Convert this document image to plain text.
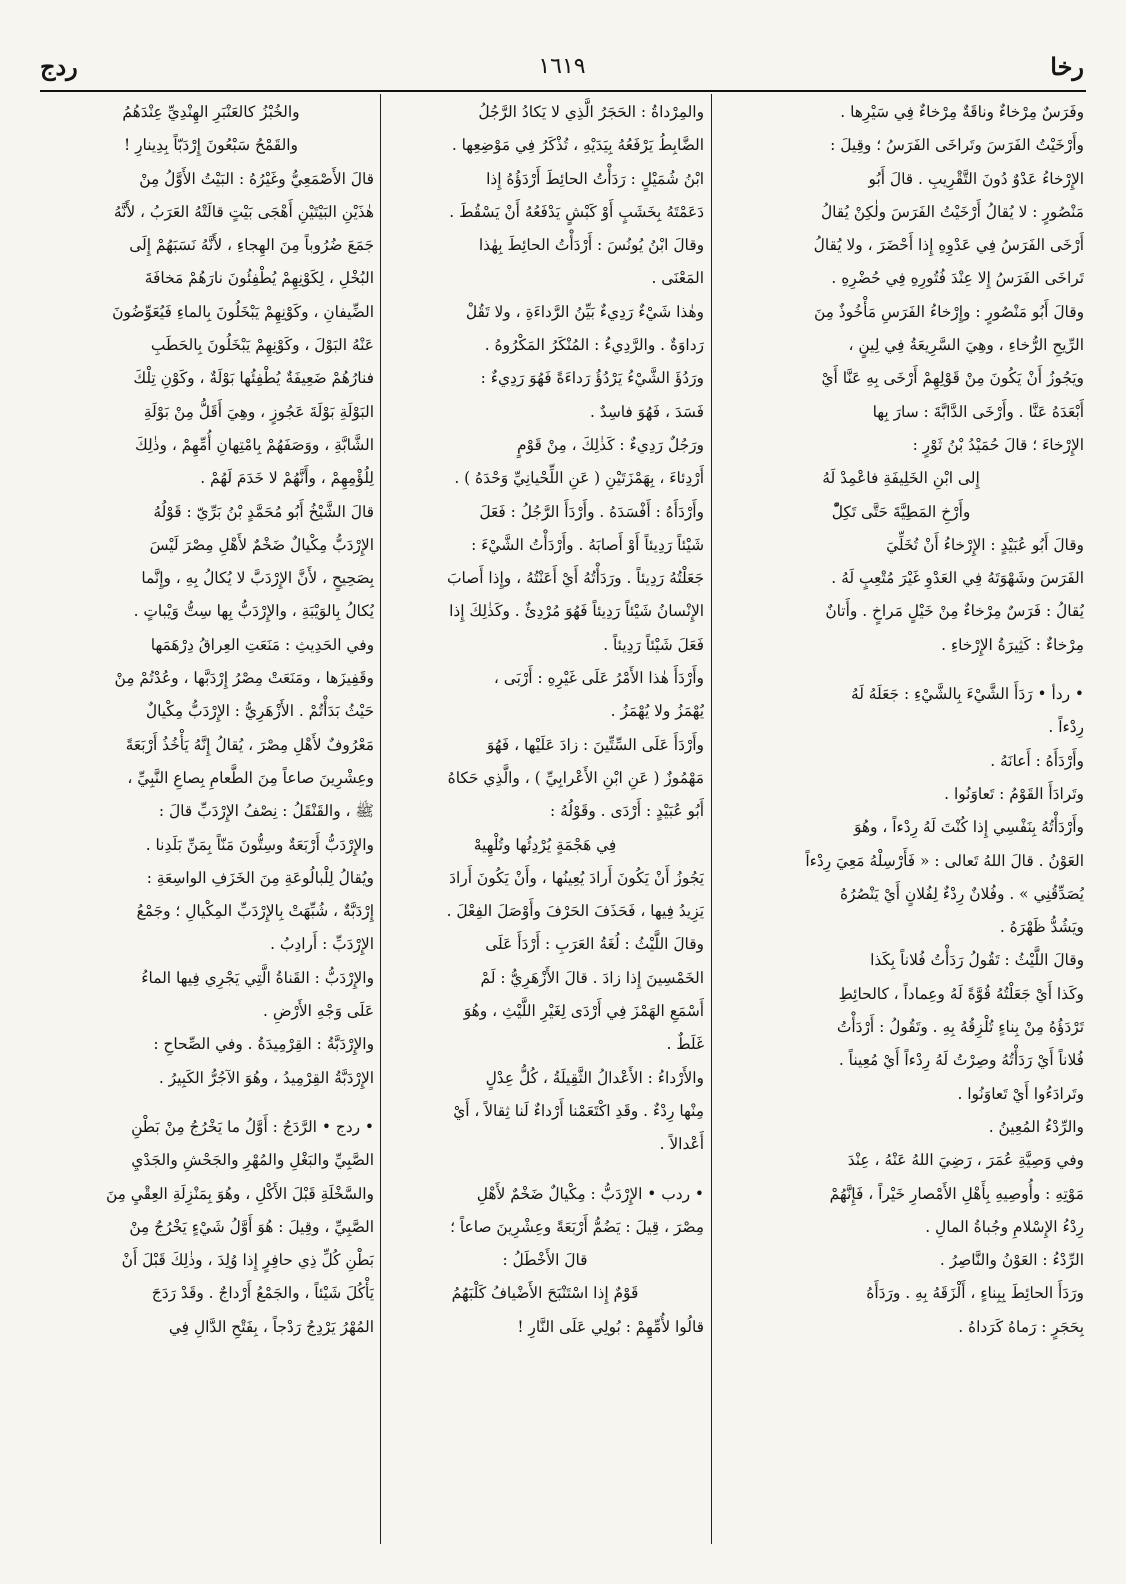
رخا
١٦١٩
ردج
وفَرَسٌ مِرْخاءٌ وناقَةٌ مِرْخاءٌ فِي سَيْرِها .
وأَرْخَيْتُ الفَرَسَ وتَراخَى الفَرَسُ ؛ وقِيلَ :
الإِرْخاءُ عَدْوٌ دُونَ التَّقْرِيبِ . قالَ أَبُو
مَنْصُورٍ : لا يُقالُ أَرْخَيْتُ الفَرَسَ ولٰكِنْ يُقالُ
أَرْخَى الفَرَسُ فِي عَدْوِهِ إِذا أَحْضَرَ ، ولا يُقالُ
تَراخَى الفَرَسُ إِلا عِنْدَ فُتُورِهِ فِي حُضْرِهِ .
وقالَ أَبُو مَنْصُورٍ : وإِرْخاءُ الفَرَسِ مَأْخُوذٌ مِنَ
الرِّيحِ الرُّخاءِ ، وهِيَ السَّرِيعَةُ فِي لِينٍ ،
ويَجُوزُ أَنْ يَكُونَ مِنْ قَوْلِهِمْ أَرْخَى بِهِ عَنَّا أَيْ
أَبْعَدَهُ عَنَّا . وأَرْخَى الدَّابَّةَ : سارَ بِها
الإِرْخاءَ ؛ قالَ حُمَيْدُ بْنُ ثَوْرٍ :
إِلى ابْنِ الخَلِيفَةِ فاعْمِدْ لَهُ
وأَرْخِ المَطِيَّةَ حَتَّى تَكِلّْ
وقالَ أَبُو عُبَيْدٍ : الإِرْخاءُ أَنْ تُخَلِّيَ
الفَرَسَ وشَهْوَتَهُ فِي العَدْوِ غَيْرَ مُتْعِبٍ لَهُ .
يُقالُ : فَرَسٌ مِرْخاءٌ مِنْ خَيْلٍ مَراخٍ . وأَتانٌ
مِرْخاءٌ : كَثِيرَةُ الإِرْخاءِ .
• ردأ • رَدَأَ الشَّيْءَ بِالشَّيْءِ : جَعَلَهُ لَهُ
رِدْءاً .
وأَرْدَأَهُ : أَعانَهُ .
وتَرادَأَ القَوْمُ : تَعاوَنُوا .
وأَرْدَأْتُهُ بِنَفْسِي إِذا كُنْتَ لَهُ رِدْءاً ، وهُوَ
العَوْنُ . قالَ اللهُ تَعالى : « فَأَرْسِلْهُ مَعِيَ رِدْءاً
يُصَدِّقُنِي » . وفُلانٌ رِدْءٌ لِفُلانٍ أَيْ يَنْصُرُهُ
ويَشُدُّ ظَهْرَهُ .
وقالَ اللَّيْثُ : تَقُولُ رَدَأْتُ فُلاناً بِكَذا
وكَذا أَيْ جَعَلْتُهُ قُوَّةً لَهُ وعِماداً ، كالحائِطِ
تَرْدَؤُهُ مِنْ بِناءٍ تُلْزِقُهُ بِهِ . وتَقُولُ : أَرْدَأْتُ
فُلاناً أَيْ رَدَأْتُهُ وصِرْتُ لَهُ رِدْءاً أَيْ مُعِيناً .
وتَرادَءُوا أَيْ تَعاوَنُوا .
والرِّدْءُ المُعِينُ .
وفي وَصِيَّةِ عُمَرَ ، رَضِيَ اللهُ عَنْهُ ، عِنْدَ
مَوْتِهِ : وأُوصِيهِ بِأَهْلِ الأَمْصارِ خَيْراً ، فَإِنَّهُمْ
رِدْءُ الإِسْلامِ وجُباةُ المالِ .
الرِّدْءُ : العَوْنُ والنَّاصِرُ .
ورَدَأَ الحائِطَ بِبِناءٍ ، أَلْزَقَهُ بِهِ . ورَدَأَهُ
بِحَجَرٍ : رَماهُ كَرَداهُ .
والمِرْداةُ : الحَجَرُ الَّذِي لا يَكادُ الرَّجُلُ
الضَّابِطُ يَرْفَعُهُ بِيَدَيْهِ ، تُذْكَرُ فِي مَوْضِعِها .
ابْنُ شُمَيْلٍ : رَدَأْتُ الحائِطَ أَرْدَؤُهُ إِذا
دَعَمْتَهُ بِخَشَبٍ أَوْ كَبْشٍ يَدْفَعُهُ أَنْ يَسْقُطَ .
وقالَ ابْنُ يُونُسَ : أَرْدَأْتُ الحائِطَ بِهٰذا
المَعْنَى .
وهٰذا شَيْءٌ رَدِيءٌ بَيِّنُ الرَّداءَةِ ، ولا تَقُلْ
رَداوَةٌ . والرَّدِيءُ : المُنْكَرُ المَكْرُوهُ .
ورَدُؤَ الشَّيْءُ يَرْدُؤُ رَداءَةً فَهُوَ رَدِيءٌ :
فَسَدَ ، فَهُوَ فاسِدٌ .
ورَجُلٌ رَدِيءٌ : كَذٰلِكَ ، مِنْ قَوْمٍ
أَرْدِئاءَ ، بِهَمْزَتَيْنِ ( عَنِ اللِّحْيانِيِّ وَحْدَهُ ) .
وأَرْدَأَهُ : أَفْسَدَهُ . وأَرْدَأَ الرَّجُلُ : فَعَلَ
شَيْئاً رَدِيئاً أَوْ أَصابَهُ . وأَرْدَأْتُ الشَّيْءَ :
جَعَلْتُهُ رَدِيئاً . ورَدَأْتُهُ أَيْ أَعَنْتُهُ ، وإِذا أَصابَ
الإِنْسانُ شَيْئاً رَدِيئاً فَهُوَ مُرْدِئٌ . وكَذٰلِكَ إِذا
فَعَلَ شَيْئاً رَدِيئاً .
وأَرْدَأَ هٰذا الأَمْرُ عَلَى غَيْرِهِ : أَرْبَى ،
يُهْمَزُ ولا يُهْمَزُ .
وأَرْدَأَ عَلَى السِّتِّينَ : زادَ عَلَيْها ، فَهُوَ
مَهْمُوزٌ ( عَنِ ابْنِ الأَعْرابِيِّ ) ، والَّذِي حَكاهُ
أَبُو عُبَيْدٍ : أَرْدَى . وقَوْلُهُ :
فِي هَجْمَةٍ يُرْدِئُها وتُلْهِيهْ
يَجُوزُ أَنْ يَكُونَ أَرادَ يُعِينُها ، وأَنْ يَكُونَ أَرادَ
يَزِيدُ فِيها ، فَحَذَفَ الحَرْفَ وأَوْصَلَ الفِعْلَ .
وقالَ اللَّيْثُ : لُغَةُ العَرَبِ : أَرْدَأَ عَلَى
الخَمْسِينَ إِذا زادَ . قالَ الأَزْهَرِيُّ : لَمْ
أَسْمَعِ الهَمْزَ فِي أَرْدَى لِغَيْرِ اللَّيْثِ ، وهُوَ
غَلَطٌ .
والأَرْداءُ : الأَعْدالُ الثَّقِيلَةُ ، كُلُّ عِدْلٍ
مِنْها رِدْءٌ . وقَدِ اكْتَعَمْنا أَرْداءٌ لَنا ثِقالاً ، أَيْ
أَعْدالاً .
• ردب • الإِرْدَبُّ : مِكْيالٌ ضَخْمٌ لأَهْلِ
مِصْرَ ، قِيلَ : يَضُمُّ أَرْبَعَةً وعِشْرِينَ صاعاً ؛
قالَ الأَخْطَلُ :
قَوْمٌ إِذا اسْتَنْبَحَ الأَضْيافُ كَلْبَهُمُ
قالُوا لأُمِّهِمْ : بُولِي عَلَى النَّارِ !
والخُبْزُ كالعَنْبَرِ الهِنْدِيِّ عِنْدَهُمُ
والقَمْحُ سَبْعُونَ إِرْدَبّاً بِدِينارِ !
قالَ الأَصْمَعِيُّ وغَيْرُهُ : البَيْتُ الأَوَّلُ مِنْ
هٰذَيْنِ البَيْتَيْنِ أَهْجَى بَيْتٍ قالَتْهُ العَرَبُ ، لأَنَّهُ
جَمَعَ ضُرُوباً مِنَ الهِجاءِ ، لأَنَّهُ نَسَبَهُمْ إِلَى
البُخْلِ ، لِكَوْنِهِمْ يُطْفِئُونَ نارَهُمْ مَخافَةَ
الضِّيفانِ ، وكَوْنِهِمْ يَبْخَلُونَ بِالماءِ فَيُعَوِّضُونَ
عَنْهُ البَوْلَ ، وكَوْنِهِمْ يَبْخَلُونَ بِالحَطَبِ
فنارُهُمْ ضَعِيفَةٌ يُطْفِئُها بَوْلَةٌ ، وكَوْنِ تِلْكَ
البَوْلَةِ بَوْلَةَ عَجُوزٍ ، وهِيَ أَقَلُّ مِنْ بَوْلَةِ
الشَّابَّةِ ، ووَصَفَهُمْ بِامْتِهانِ أُمِّهِمْ ، وذٰلِكَ
لِلُؤْمِهِمْ ، وأَنَّهُمْ لا خَدَمَ لَهُمْ .
قالَ الشَّيْخُ أَبُو مُحَمَّدٍ بْنُ بَرِّيّ : قَوْلُهُ
الإِرْدَبُّ مِكْيالٌ ضَخْمٌ لأَهْلِ مِصْرَ لَيْسَ
بِصَحِيحٍ ، لأَنَّ الإِرْدَبَّ لا يُكالُ بِهِ ، وإِنَّما
يُكالُ بِالوَيْبَةِ ، والإِرْدَبُّ بِها سِتُّ وَيْباتٍ .
وفي الحَدِيثِ : مَنَعَتِ العِراقُ دِرْهَمَها
وقَفِيزَها ، ومَنَعَتْ مِصْرُ إِرْدَبَّها ، وعُدْتُمْ مِنْ
حَيْثُ بَدَأْتُمْ . الأَزْهَرِيُّ : الإِرْدَبُّ مِكْيالٌ
مَعْرُوفٌ لأَهْلِ مِصْرَ ، يُقالُ إِنَّهُ يَأْخُذُ أَرْبَعَةً
وعِشْرِينَ صاعاً مِنَ الطَّعامِ بِصاعِ النَّبِيِّ ،
ﷺ ، والقَنْقَلُ : نِصْفُ الإِرْدَبِّ قالَ :
والإِرْدَبُّ أَرْبَعَةٌ وسِتُّونَ مَنّاً بِمَنِّ بَلَدِنا .
ويُقالُ لِلْبالُوعَةِ مِنَ الخَزَفِ الواسِعَةِ :
إِرْدَبَّةٌ ، شُبِّهَتْ بِالإِرْدَبِّ المِكْيالِ ؛ وجَمْعُ
الإِرْدَبِّ : أَرادِبُ .
والإِرْدَبُّ : القَناةُ الَّتِي يَجْرِي فِيها الماءُ
عَلَى وَجْهِ الأَرْضِ .
والإِرْدَبَّةُ : القِرْمِيدَةُ . وفي الصِّحاحِ :
الإِرْدَبَّةُ القِرْمِيدُ ، وهُوَ الآجُرُّ الكَبِيرُ .
• ردج • الرَّدَجُ : أَوَّلُ ما يَخْرُجُ مِنْ بَطْنِ
الصَّبِيِّ والبَغْلِ والمُهْرِ والجَحْشِ والجَدْيِ
والسَّخْلَةِ قَبْلَ الأَكْلِ ، وهُوَ بِمَنْزِلَةِ العِقْيِ مِنَ
الصَّبِيِّ ، وقِيلَ : هُوَ أَوَّلُ شَيْءٍ يَخْرُجُ مِنْ
بَطْنِ كُلِّ ذِي حافِرٍ إِذا وُلِدَ ، وذٰلِكَ قَبْلَ أَنْ
يَأْكُلَ شَيْئاً ، والجَمْعُ أَرْداجٌ . وقَدْ رَدَجَ
المُهْرُ يَرْدِجُ رَدْجاً ، بِفَتْحِ الدَّالِ فِي
